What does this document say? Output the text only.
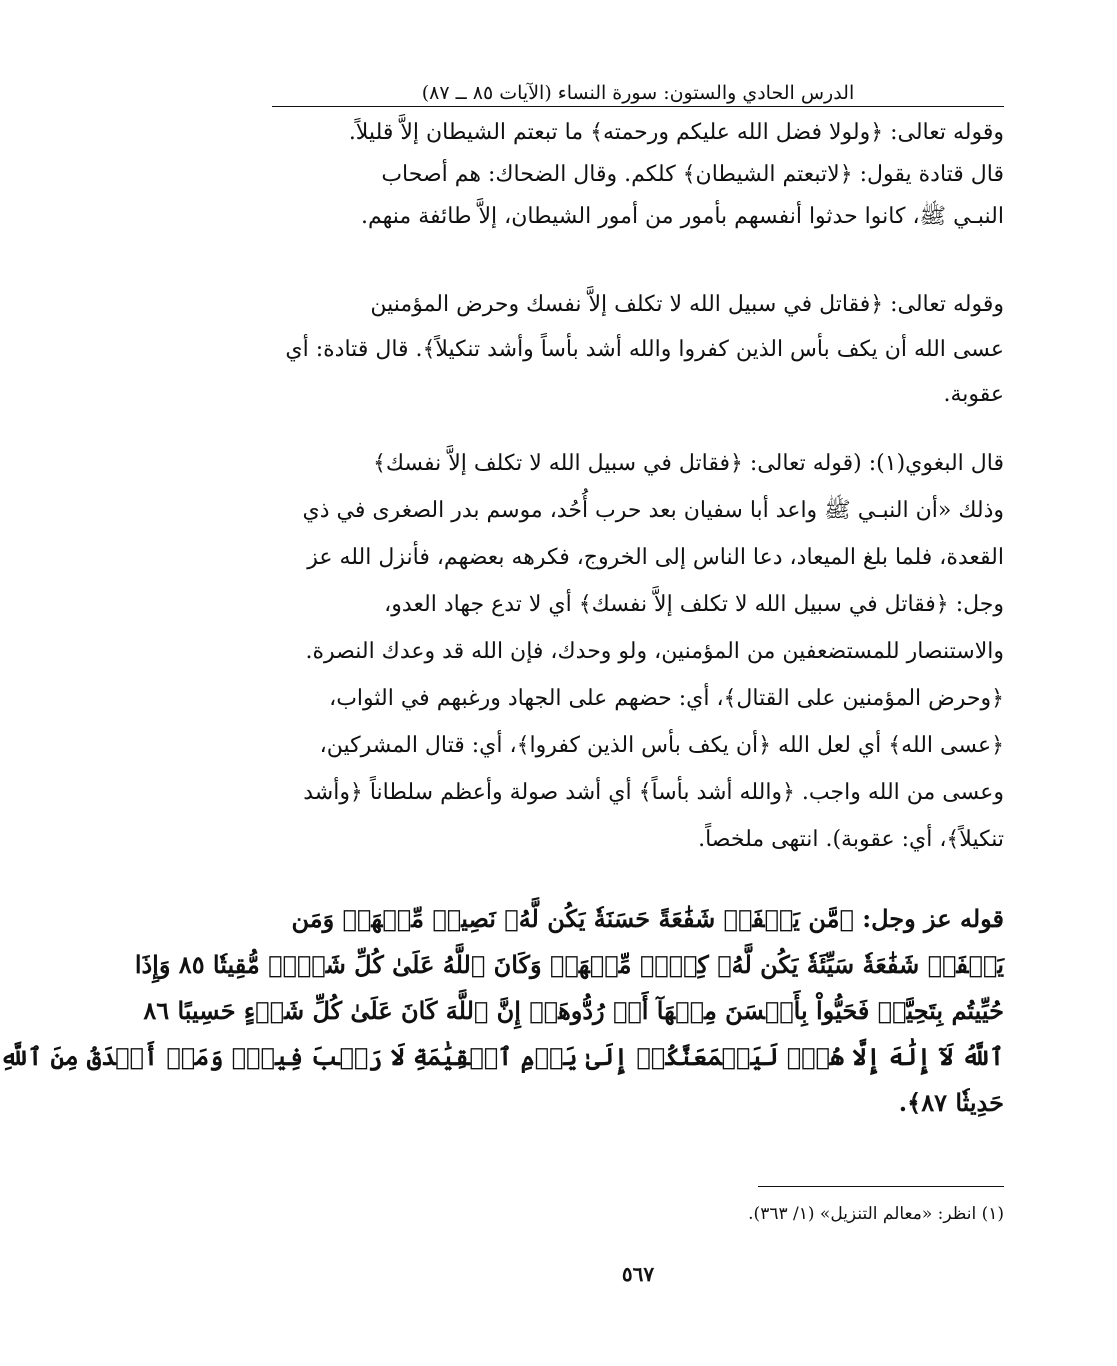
الدرس الحادي والستون: سورة النساء (الآيات ٨٥ ــ ٨٧)
وقوله تعالى: ﴿ولولا فضل الله عليكم ورحمته﴾ ما تبعتم الشيطان إلاَّ قليلاً.
قال قتادة يقول: ﴿لاتبعتم الشيطان﴾ كلكم. وقال الضحاك: هم أصحاب
النبـي ﷺ، كانوا حدثوا أنفسهم بأمور من أمور الشيطان، إلاَّ طائفة منهم.
وقوله تعالى: ﴿فقاتل في سبيل الله لا تكلف إلاَّ نفسك وحرض المؤمنين
عسى الله أن يكف بأس الذين كفروا والله أشد بأساً وأشد تنكيلاً﴾. قال قتادة: أي
عقوبة.
قال البغوي(١): (قوله تعالى: ﴿فقاتل في سبيل الله لا تكلف إلاَّ نفسك﴾
وذلك «أن النبـي ﷺ واعد أبا سفيان بعد حرب أُحُد، موسم بدر الصغرى في ذي
القعدة، فلما بلغ الميعاد، دعا الناس إلى الخروج، فكرهه بعضهم، فأنزل الله عز
وجل: ﴿فقاتل في سبيل الله لا تكلف إلاَّ نفسك﴾ أي لا تدع جهاد العدو،
والاستنصار للمستضعفين من المؤمنين، ولو وحدك، فإن الله قد وعدك النصرة.
﴿وحرض المؤمنين على القتال﴾، أي: حضهم على الجهاد ورغبهم في الثواب،
﴿عسى الله﴾ أي لعل الله ﴿أن يكف بأس الذين كفروا﴾، أي: قتال المشركين،
وعسى من الله واجب. ﴿والله أشد بأساً﴾ أي أشد صولة وأعظم سلطاناً ﴿وأشد
تنكيلاً﴾، أي: عقوبة). انتهى ملخصاً.
قوله عز وجل: ﴿مَّن يَشۡفَعۡ شَفَٰعَةً حَسَنَةٗ يَكُن لَّهُۥ نَصِيبٞ مِّنۡهَاۖ وَمَن
يَشۡفَعۡ شَفَٰعَةٗ سَيِّئَةٗ يَكُن لَّهُۥ كِفۡلٞ مِّنۡهَاۗ وَكَانَ ٱللَّهُ عَلَىٰ كُلِّ شَيۡءٖ مُّقِيتٗا ٨٥ وَإِذَا
حُيِّيتُم بِتَحِيَّةٖ فَحَيُّواْ بِأَحۡسَنَ مِنۡهَآ أَوۡ رُدُّوهَآۗ إِنَّ ٱللَّهَ كَانَ عَلَىٰ كُلِّ شَيۡءٍ حَسِيبًا ٨٦
ٱللَّهُ لَآ إِلَٰهَ إِلَّا هُوَۚ لَيَجۡمَعَنَّكُمۡ إِلَىٰ يَوۡمِ ٱلۡقِيَٰمَةِ لَا رَيۡبَ فِيهِۗ وَمَنۡ أَصۡدَقُ مِنَ ٱللَّهِ
حَدِيثٗا ٨٧﴾.
(١) انظر: «معالم التنزيل» (١/ ٣٦٣).
٥٦٧
